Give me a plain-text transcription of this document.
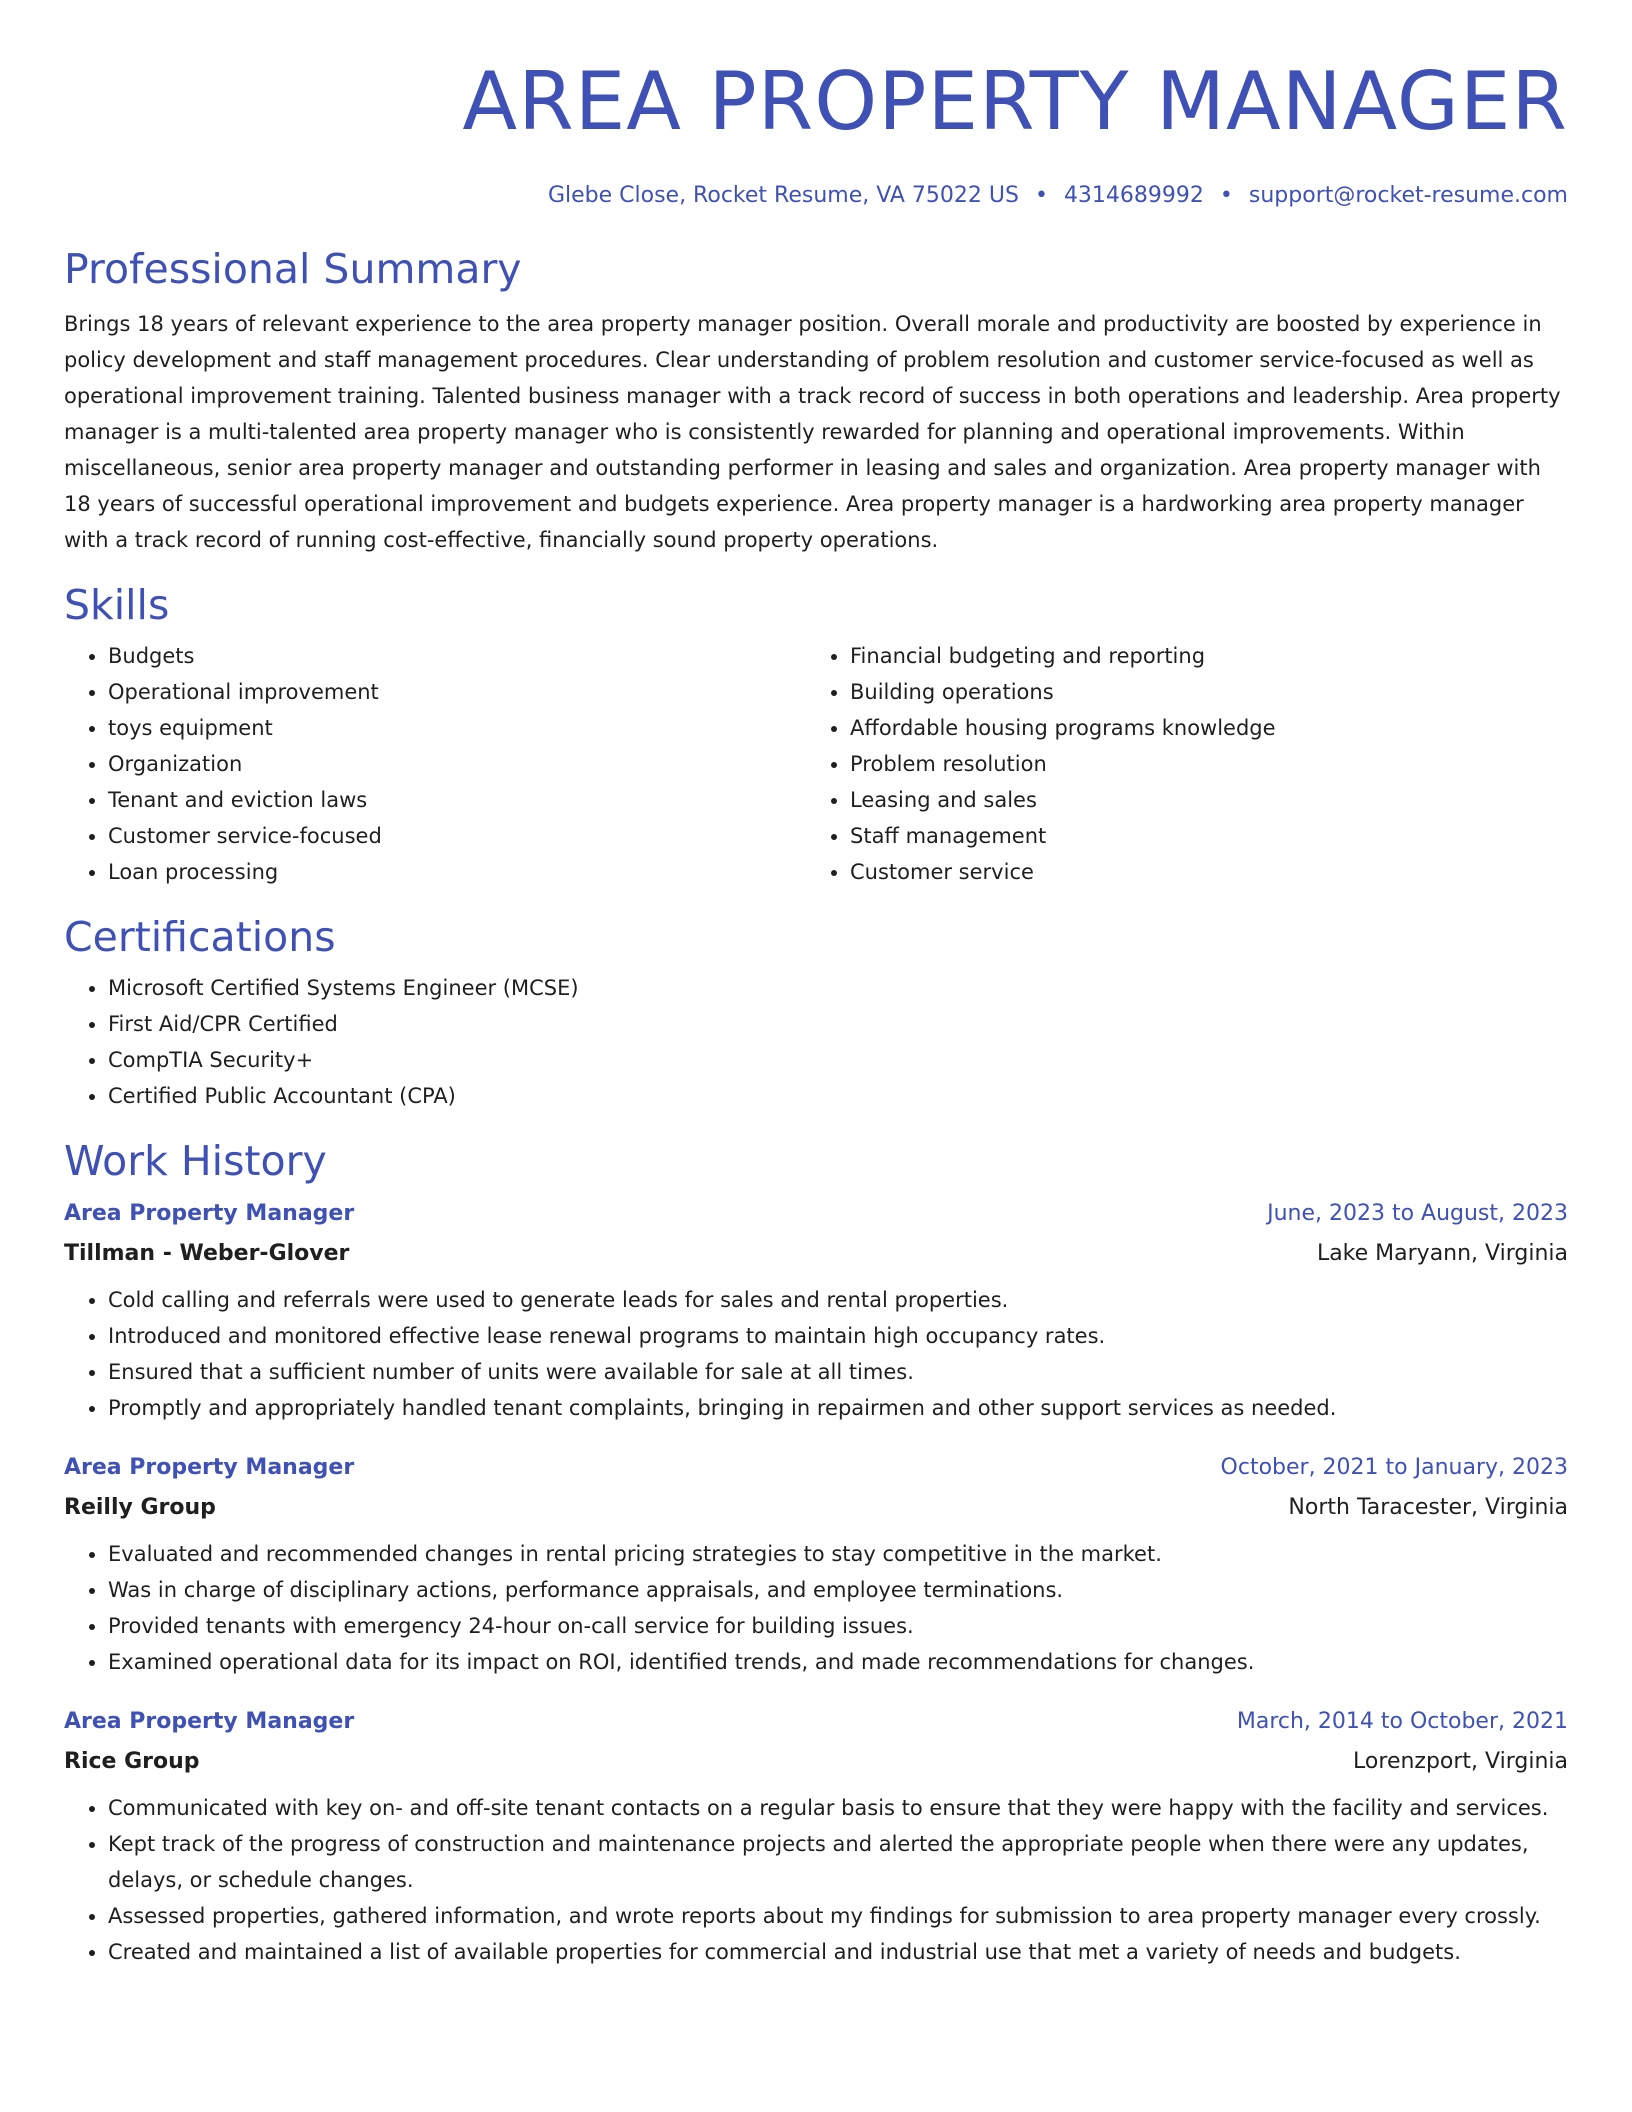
AREA PROPERTY MANAGER
Glebe Close, Rocket Resume, VA 75022 US • 4314689992 • support@rocket-resume.com
Professional Summary

Brings 18 years of relevant experience to the area property manager position. Overall morale and productivity are boosted by experience in policy development and staff management procedures. Clear understanding of problem resolution and customer service-focused as well as operational improvement training. Talented business manager with a track record of success in both operations and leadership. Area property manager is a multi-talented area property manager who is consistently rewarded for planning and operational improvements. Within miscellaneous, senior area property manager and outstanding performer in leasing and sales and organization. Area property manager with 18 years of successful operational improvement and budgets experience. Area property manager is a hardworking area property manager with a track record of running cost-effective, financially sound property operations.

Skills
• Budgets
• Operational improvement
• toys equipment
• Organization
• Tenant and eviction laws
• Customer service-focused
• Loan processing
• Financial budgeting and reporting
• Building operations
• Affordable housing programs knowledge
• Problem resolution
• Leasing and sales
• Staff management
• Customer service
Certifications
• Microsoft Certified Systems Engineer (MCSE)
• First Aid/CPR Certified
• CompTIA Security+
• Certified Public Accountant (CPA)
Work History
Area Property Manager	June, 2023 to August, 2023
Tillman - Weber-Glover	Lake Maryann, Virginia
• Cold calling and referrals were used to generate leads for sales and rental properties.
• Introduced and monitored effective lease renewal programs to maintain high occupancy rates.
• Ensured that a sufficient number of units were available for sale at all times.
• Promptly and appropriately handled tenant complaints, bringing in repairmen and other support services as needed.
Area Property Manager	October, 2021 to January, 2023
Reilly Group	North Taracester, Virginia
• Evaluated and recommended changes in rental pricing strategies to stay competitive in the market.
• Was in charge of disciplinary actions, performance appraisals, and employee terminations.
• Provided tenants with emergency 24-hour on-call service for building issues.
• Examined operational data for its impact on ROI, identified trends, and made recommendations for changes.
Area Property Manager	March, 2014 to October, 2021
Rice Group	Lorenzport, Virginia
• Communicated with key on- and off-site tenant contacts on a regular basis to ensure that they were happy with the facility and services.
• Kept track of the progress of construction and maintenance projects and alerted the appropriate people when there were any updates, delays, or schedule changes.
• Assessed properties, gathered information, and wrote reports about my findings for submission to area property manager every crossly.
• Created and maintained a list of available properties for commercial and industrial use that met a variety of needs and budgets.
